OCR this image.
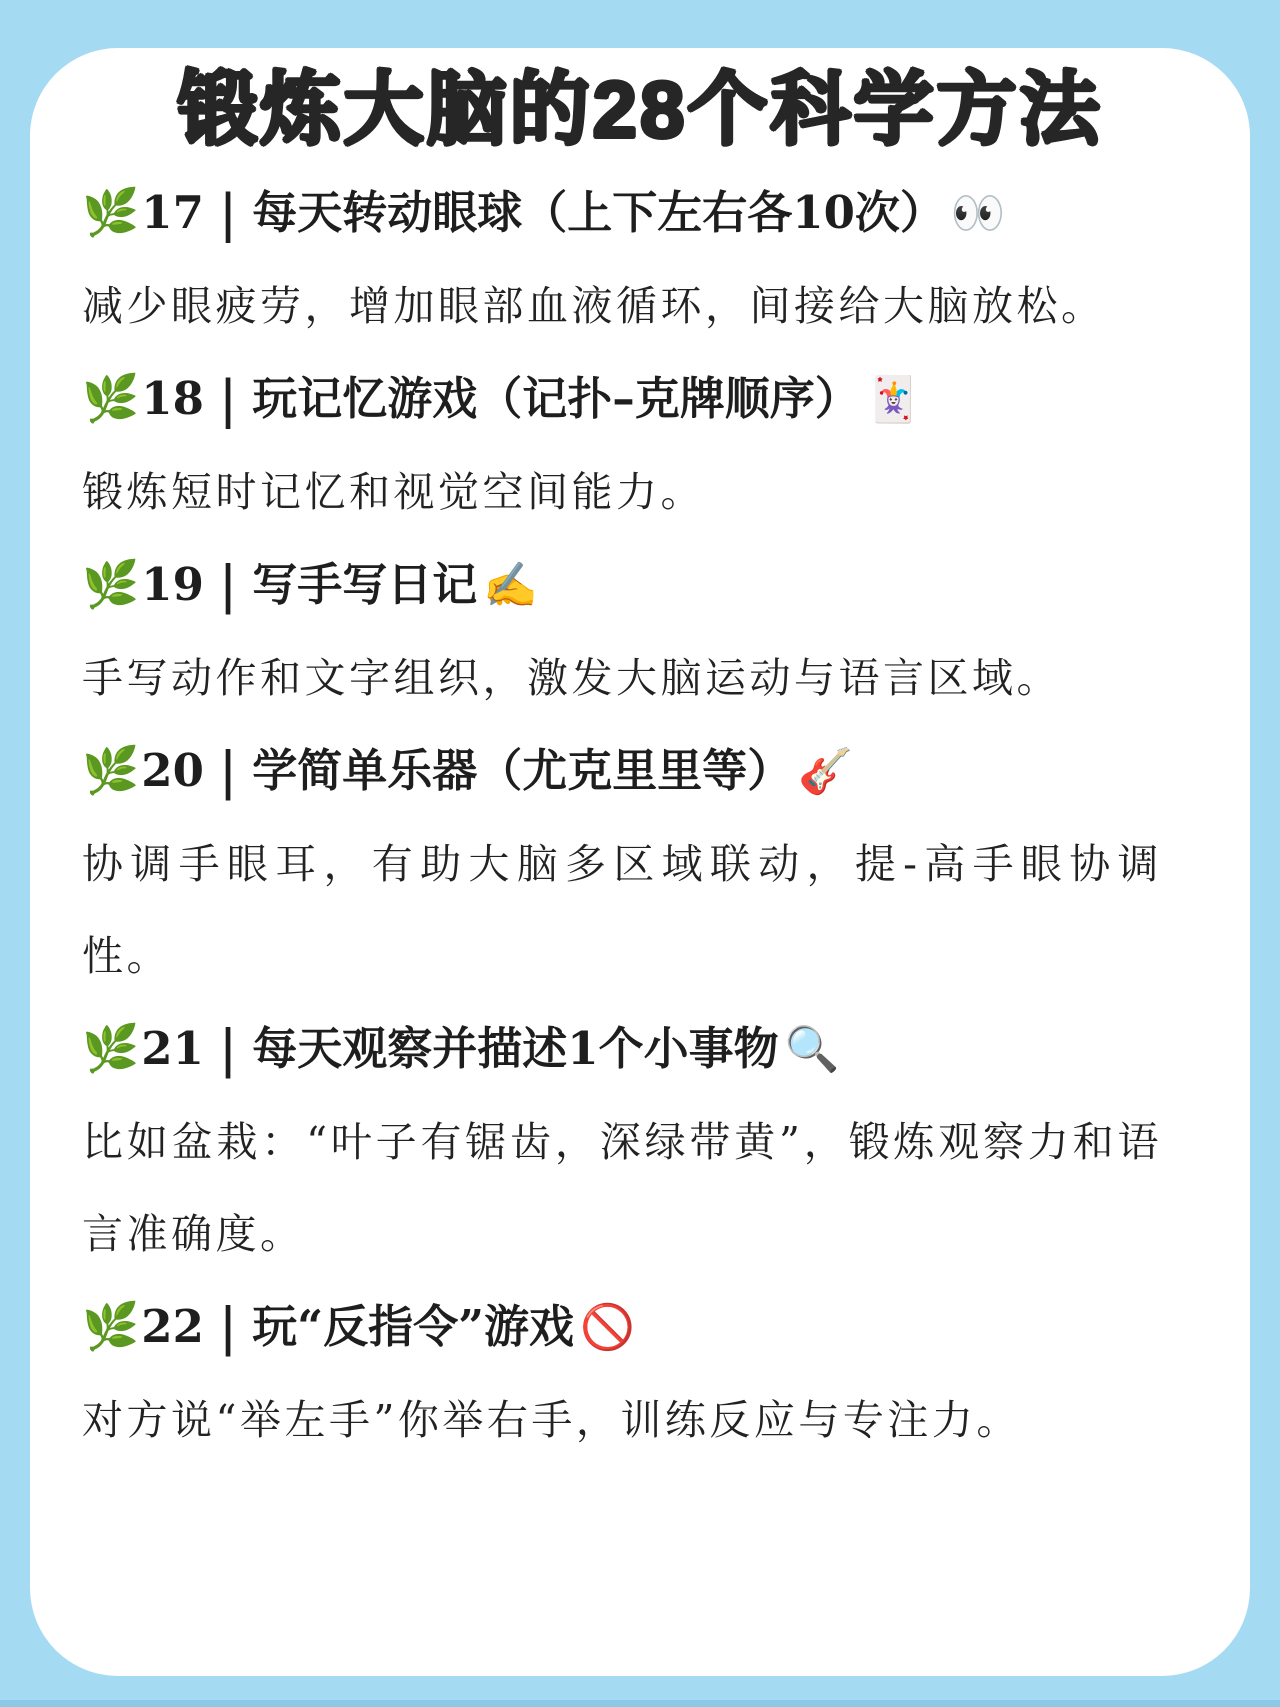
锻炼大脑的28个科学方法
🌿17 | 每天转动眼球（上下左右各10次） 👀

减少眼疲劳，增加眼部血液循环，间接给大脑放松。

🌿18 | 玩记忆游戏（记扑–克牌顺序） 🃏

锻炼短时记忆和视觉空间能力。

🌿19 | 写手写日记 ✍️

手写动作和文字组织，激发大脑运动与语言区域。

🌿20 | 学简单乐器（尤克里里等） 🎸

协调手眼耳，有助大脑多区域联动，提-高手眼协调性。

🌿21 | 每天观察并描述1个小事物 🔍

比如盆栽：“叶子有锯齿，深绿带黄”，锻炼观察力和语言准确度。

🌿22 | 玩“反指令”游戏 🚫

对方说“举左手”你举右手，训练反应与专注力。
